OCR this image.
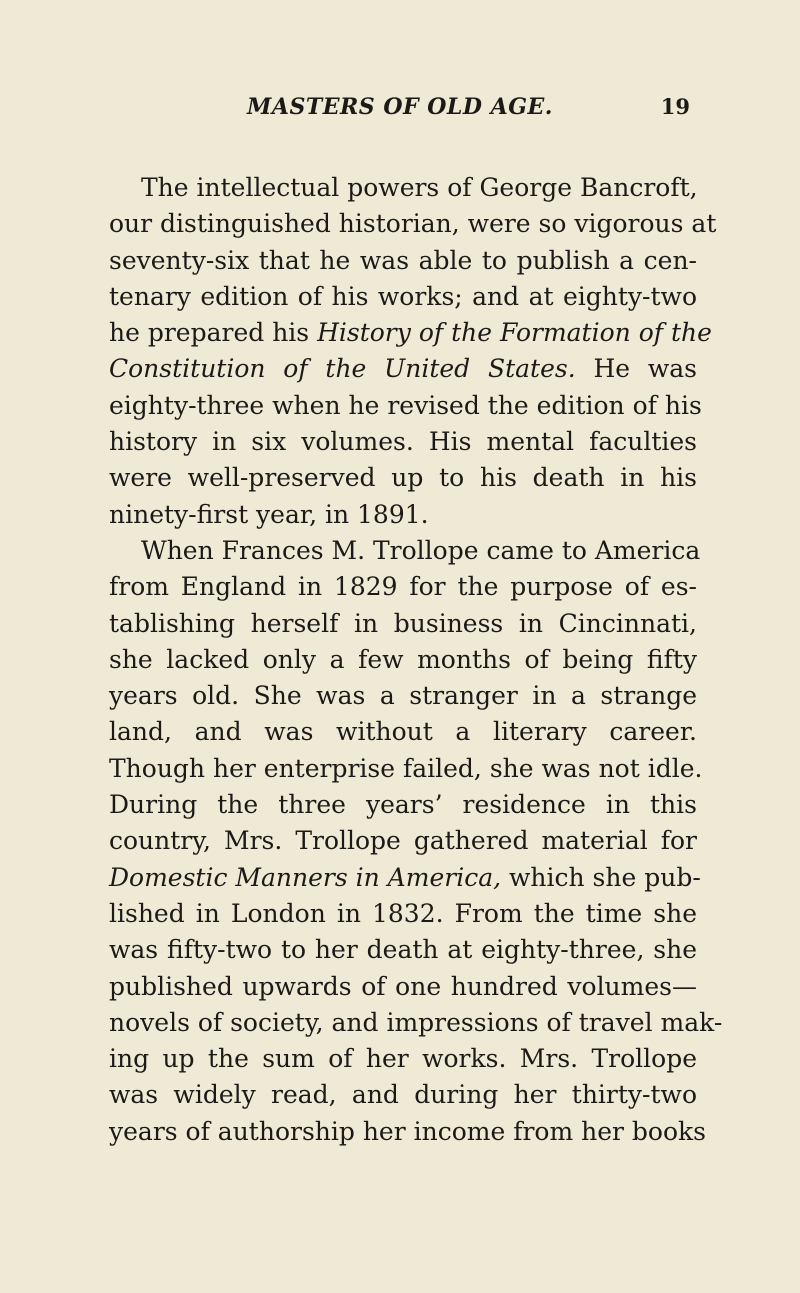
MASTERS OF OLD AGE.	19
The intellectual powers of George Bancroft,
our distinguished historian, were so vigorous at
seventy-six that he was able to publish a cen-
tenary edition of his works; and at eighty-two
he prepared his History of the Formation of the
Constitution of the United States. He was
eighty-three when he revised the edition of his
history in six volumes. His mental faculties
were well-preserved up to his death in his
ninety-first year, in 1891.
When Frances M. Trollope came to America
from England in 1829 for the purpose of es-
tablishing herself in business in Cincinnati,
she lacked only a few months of being fifty
years old. She was a stranger in a strange
land, and was without a literary career.
Though her enterprise failed, she was not idle.
During the three years’ residence in this
country, Mrs. Trollope gathered material for
Domestic Manners in America, which she pub-
lished in London in 1832. From the time she
was fifty-two to her death at eighty-three, she
published upwards of one hundred volumes—
novels of society, and impressions of travel mak-
ing up the sum of her works. Mrs. Trollope
was widely read, and during her thirty-two
years of authorship her income from her books
